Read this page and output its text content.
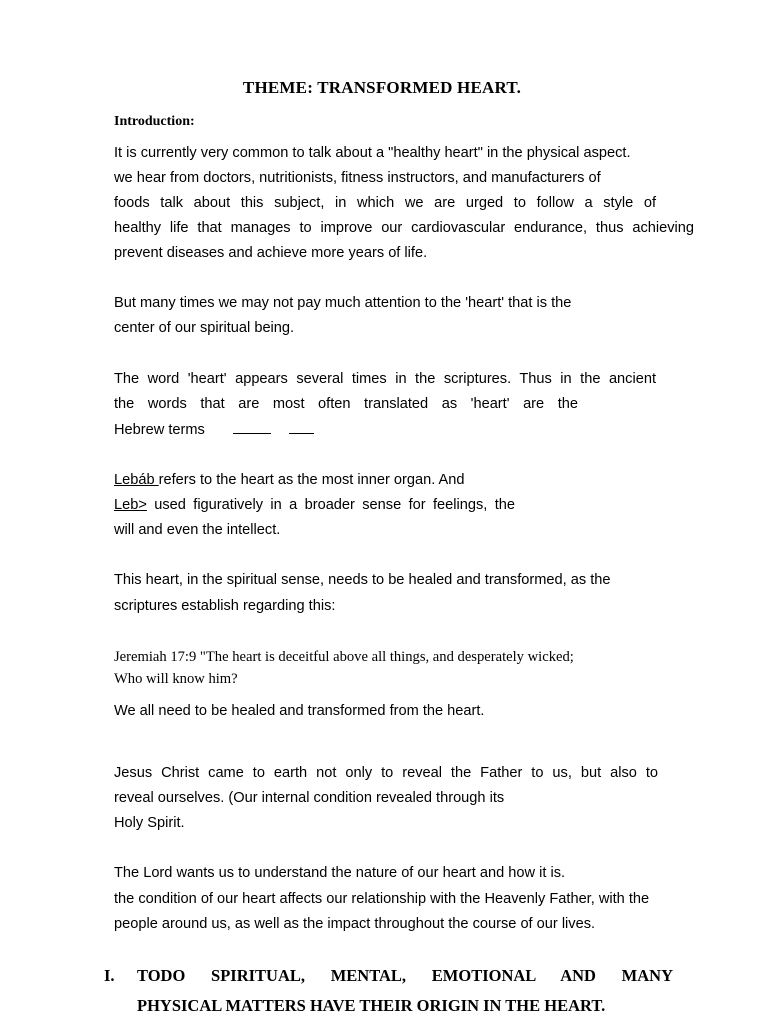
THEME: TRANSFORMED HEART.
Introduction:
It is currently very common to talk about a "healthy heart" in the physical aspect.
we hear from doctors, nutritionists, fitness instructors, and manufacturers of
foods talk about this subject, in which we are urged to follow a style of
healthy life that manages to improve our cardiovascular endurance, thus achieving
prevent diseases and achieve more years of life.
But many times we may not pay much attention to the 'heart' that is the
center of our spiritual being.
The word 'heart' appears several times in the scriptures. Thus in the ancient
the words that are most often translated as 'heart' are the
Hebrew terms
Lebáb refers to the heart as the most inner organ. And
Leb> used figuratively in a broader sense for feelings, the
will and even the intellect.
This heart, in the spiritual sense, needs to be healed and transformed, as the
scriptures establish regarding this:
Jeremiah 17:9 "The heart is deceitful above all things, and desperately wicked;
Who will know him?
We all need to be healed and transformed from the heart.
Jesus Christ came to earth not only to reveal the Father to us, but also to
reveal ourselves. (Our internal condition revealed through its
Holy Spirit.
The Lord wants us to understand the nature of our heart and how it is.
the condition of our heart affects our relationship with the Heavenly Father, with the
people around us, as well as the impact throughout the course of our lives.
I. TODO SPIRITUAL, MENTAL, EMOTIONAL AND MANY
PHYSICAL MATTERS HAVE THEIR ORIGIN IN THE HEART.
